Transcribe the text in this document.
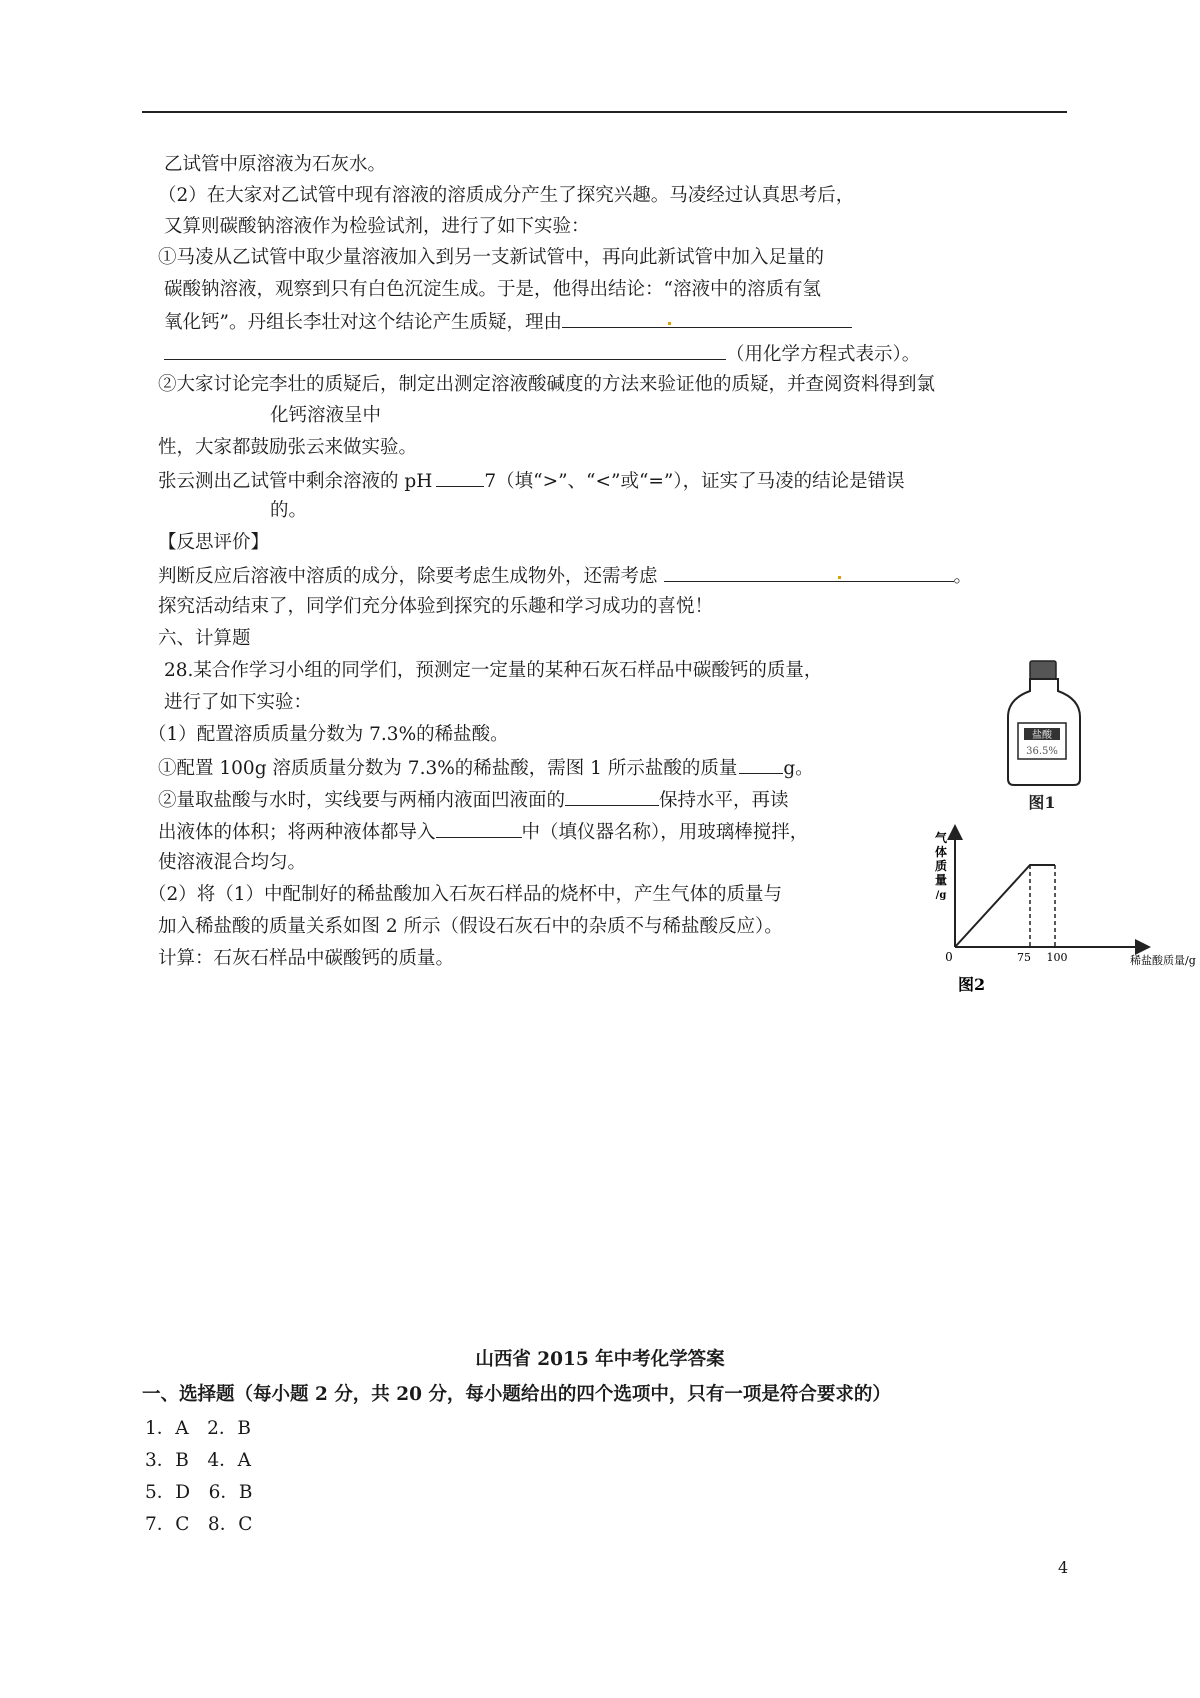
乙试管中原溶液为石灰水。
（2）在大家对乙试管中现有溶液的溶质成分产生了探究兴趣。马凌经过认真思考后，
又算则碳酸钠溶液作为检验试剂，进行了如下实验：
①马凌从乙试管中取少量溶液加入到另一支新试管中，再向此新试管中加入足量的
碳酸钠溶液，观察到只有白色沉淀生成。于是，他得出结论：“溶液中的溶质有氢
氧化钙”。丹组长李壮对这个结论产生质疑，理由
（用化学方程式表示）。
②大家讨论完李壮的质疑后，制定出测定溶液酸碱度的方法来验证他的质疑，并查阅资料得到氯
化钙溶液呈中
性，大家都鼓励张云来做实验。
张云测出乙试管中剩余溶液的 pH	7（填“>”、“<”或“=”），证实了马凌的结论是错误
的。
【反思评价】
判断反应后溶液中溶质的成分，除要考虑生成物外，还需考虑	。
探究活动结束了，同学们充分体验到探究的乐趣和学习成功的喜悦！
六、计算题
28.某合作学习小组的同学们，预测定一定量的某种石灰石样品中碳酸钙的质量，
进行了如下实验：
（1）配置溶质质量分数为 7.3%的稀盐酸。
①配置 100g 溶质质量分数为 7.3%的稀盐酸，需图 1 所示盐酸的质量 g。
②量取盐酸与水时，实线要与两桶内液面凹液面的	保持水平，再读
出液体的体积；将两种液体都导入	中（填仪器名称），用玻璃棒搅拌，
使溶液混合均匀。
（2）将（1）中配制好的稀盐酸加入石灰石样品的烧杯中，产生气体的质量与
加入稀盐酸的质量关系如图 2 所示（假设石灰石中的杂质不与稀盐酸反应）。
计算：石灰石样品中碳酸钙的质量。
盐酸
36.5%
图1
气
体
质
量
/g
75 100
0	稀盐酸质量/g
图2
山西省 2015 年中考化学答案
一、选择题（每小题 2 分，共 20 分，每小题给出的四个选项中，只有一项是符合要求的）
1．A　2．B
3．B　4．A
5．D　6．B
7．C　8．C
4
